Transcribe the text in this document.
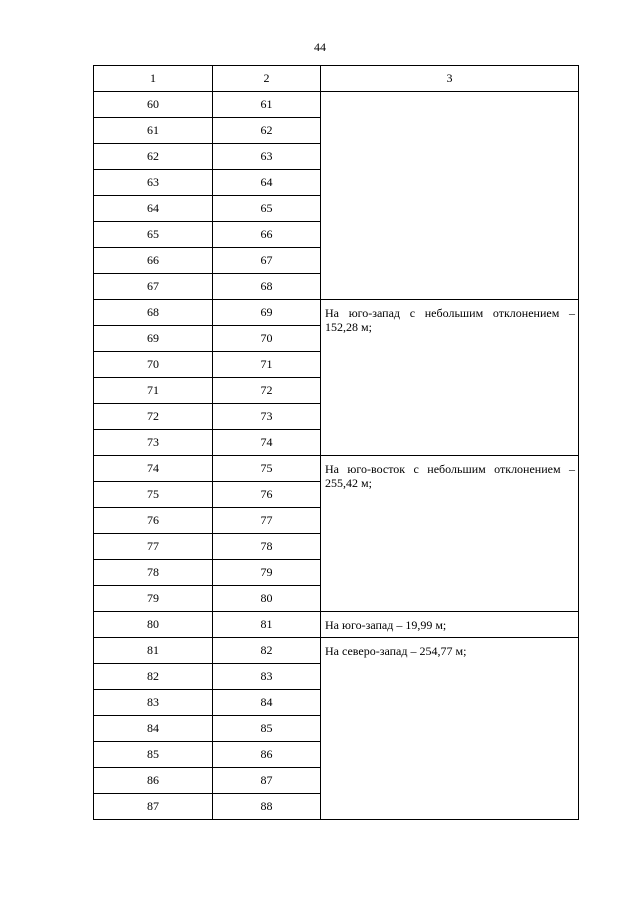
44
1	2	3
60	61	
61	62	
62	63	
63	64	
64	65	
65	66	
66	67	
67	68	
68	69	На юго-запад с небольшим отклонением – 152,28 м;
69	70	
70	71	
71	72	
72	73	
73	74	
74	75	На юго-восток с небольшим отклонением – 255,42 м;
75	76	
76	77	
77	78	
78	79	
79	80	
80	81	На юго-запад – 19,99 м;
81	82	На северо-запад – 254,77 м;
82	83	
83	84	
84	85	
85	86	
86	87	
87	88	
